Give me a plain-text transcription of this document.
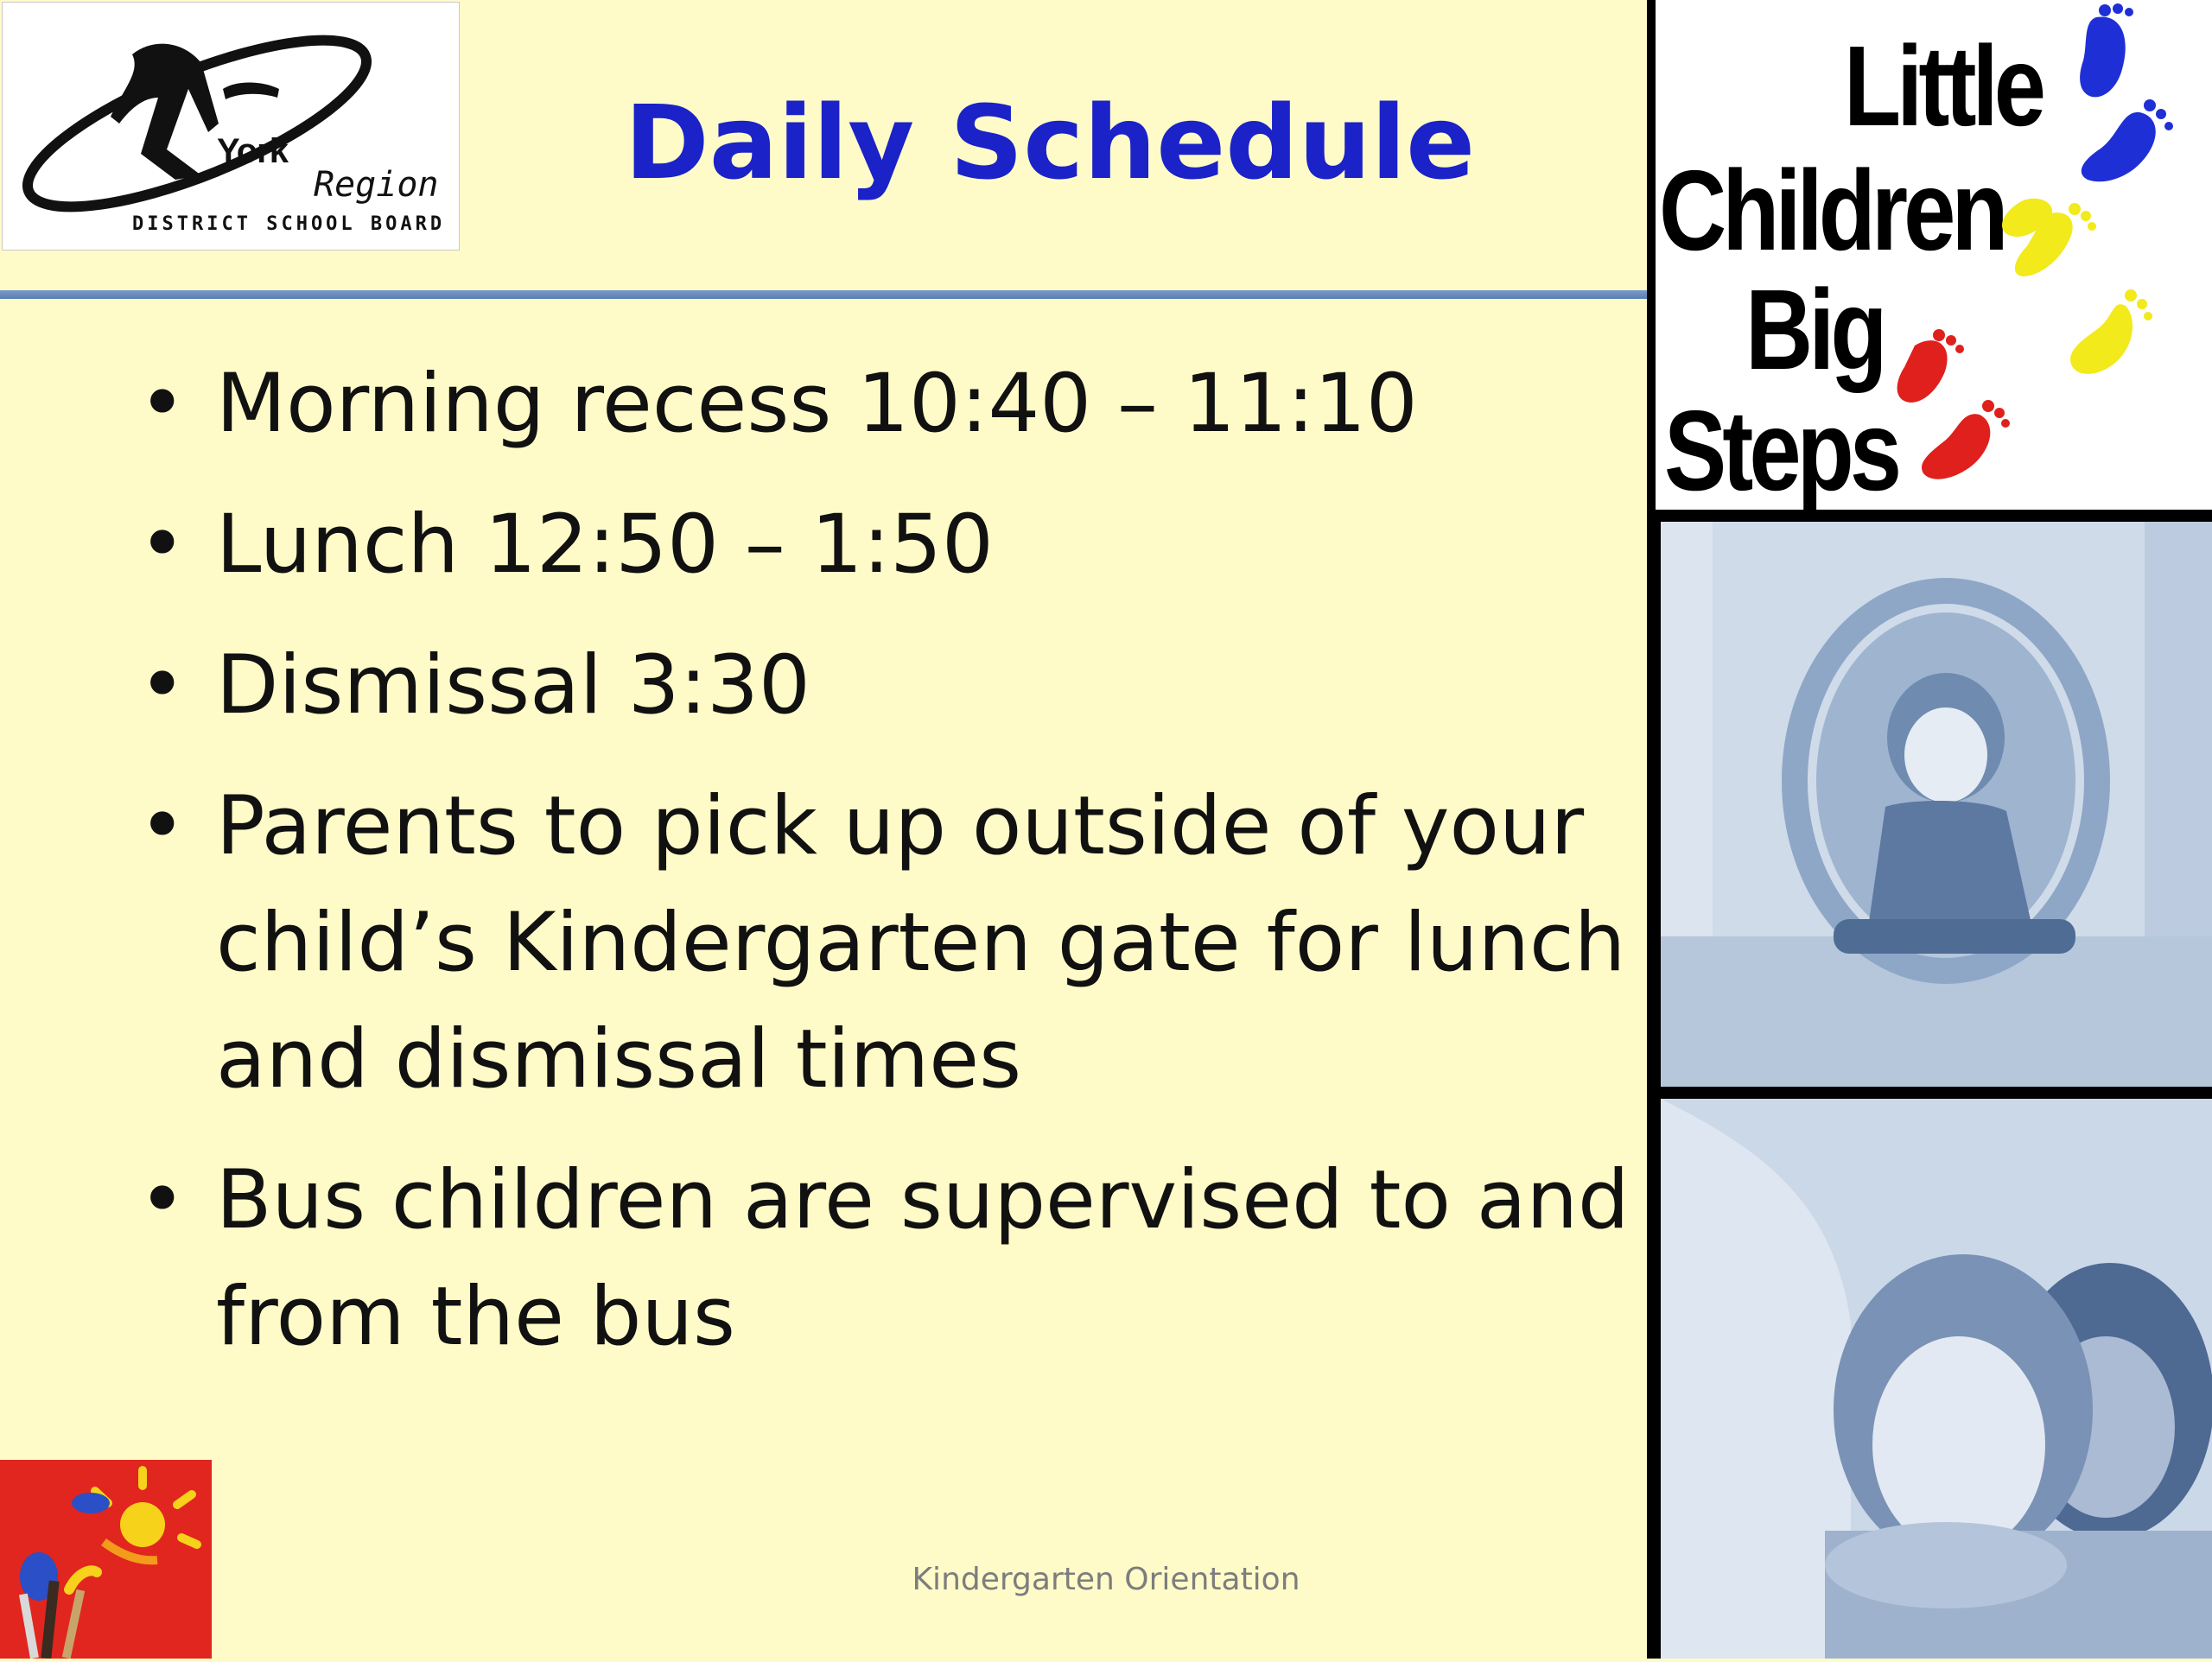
York
Region
DISTRICT SCHOOL BOARD
Daily Schedule
• Morning recess 10:40 – 11:10
• Lunch 12:50 – 1:50
• Dismissal 3:30
• Parents to pick up outside of your child’s Kindergarten gate for lunch and dismissal times
• Bus children are supervised to and from the bus
Kindergarten Orientation
Little
Children
Big
Steps
